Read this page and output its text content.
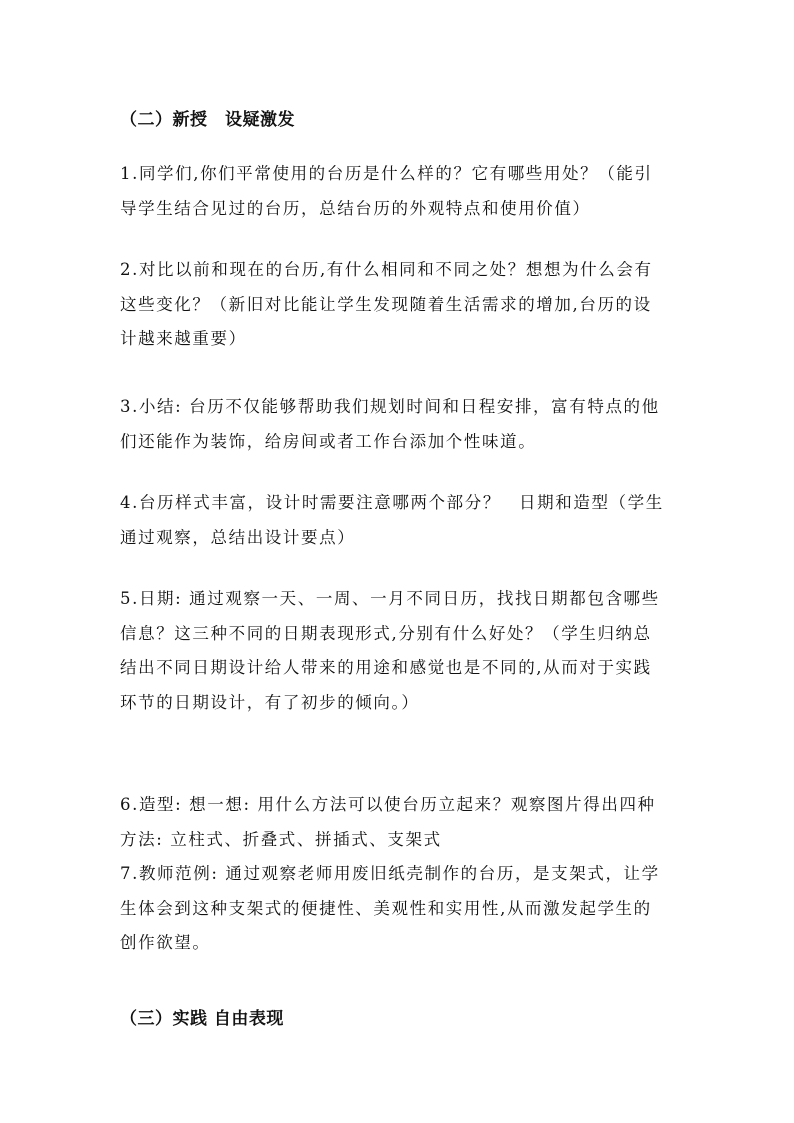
（二）新授　设疑激发
1.同学们,你们平常使用的台历是什么样的？它有哪些用处？（能引
导学生结合见过的台历，总结台历的外观特点和使用价值）
2.对比以前和现在的台历,有什么相同和不同之处？想想为什么会有
这些变化？（新旧对比能让学生发现随着生活需求的增加,台历的设
计越来越重要）
3.小结: 台历不仅能够帮助我们规划时间和日程安排，富有特点的他
们还能作为装饰，给房间或者工作台添加个性味道。
4.台历样式丰富，设计时需要注意哪两个部分？　日期和造型（学生
通过观察，总结出设计要点）
5.日期: 通过观察一天、一周、一月不同日历，找找日期都包含哪些
信息？这三种不同的日期表现形式,分别有什么好处？（学生归纳总
结出不同日期设计给人带来的用途和感觉也是不同的,从而对于实践
环节的日期设计，有了初步的倾向。）
6.造型: 想一想: 用什么方法可以使台历立起来？观察图片得出四种
方法: 立柱式、折叠式、拼插式、支架式
7.教师范例: 通过观察老师用废旧纸壳制作的台历，是支架式，让学
生体会到这种支架式的便捷性、美观性和实用性,从而激发起学生的
创作欲望。
（三）实践 自由表现
